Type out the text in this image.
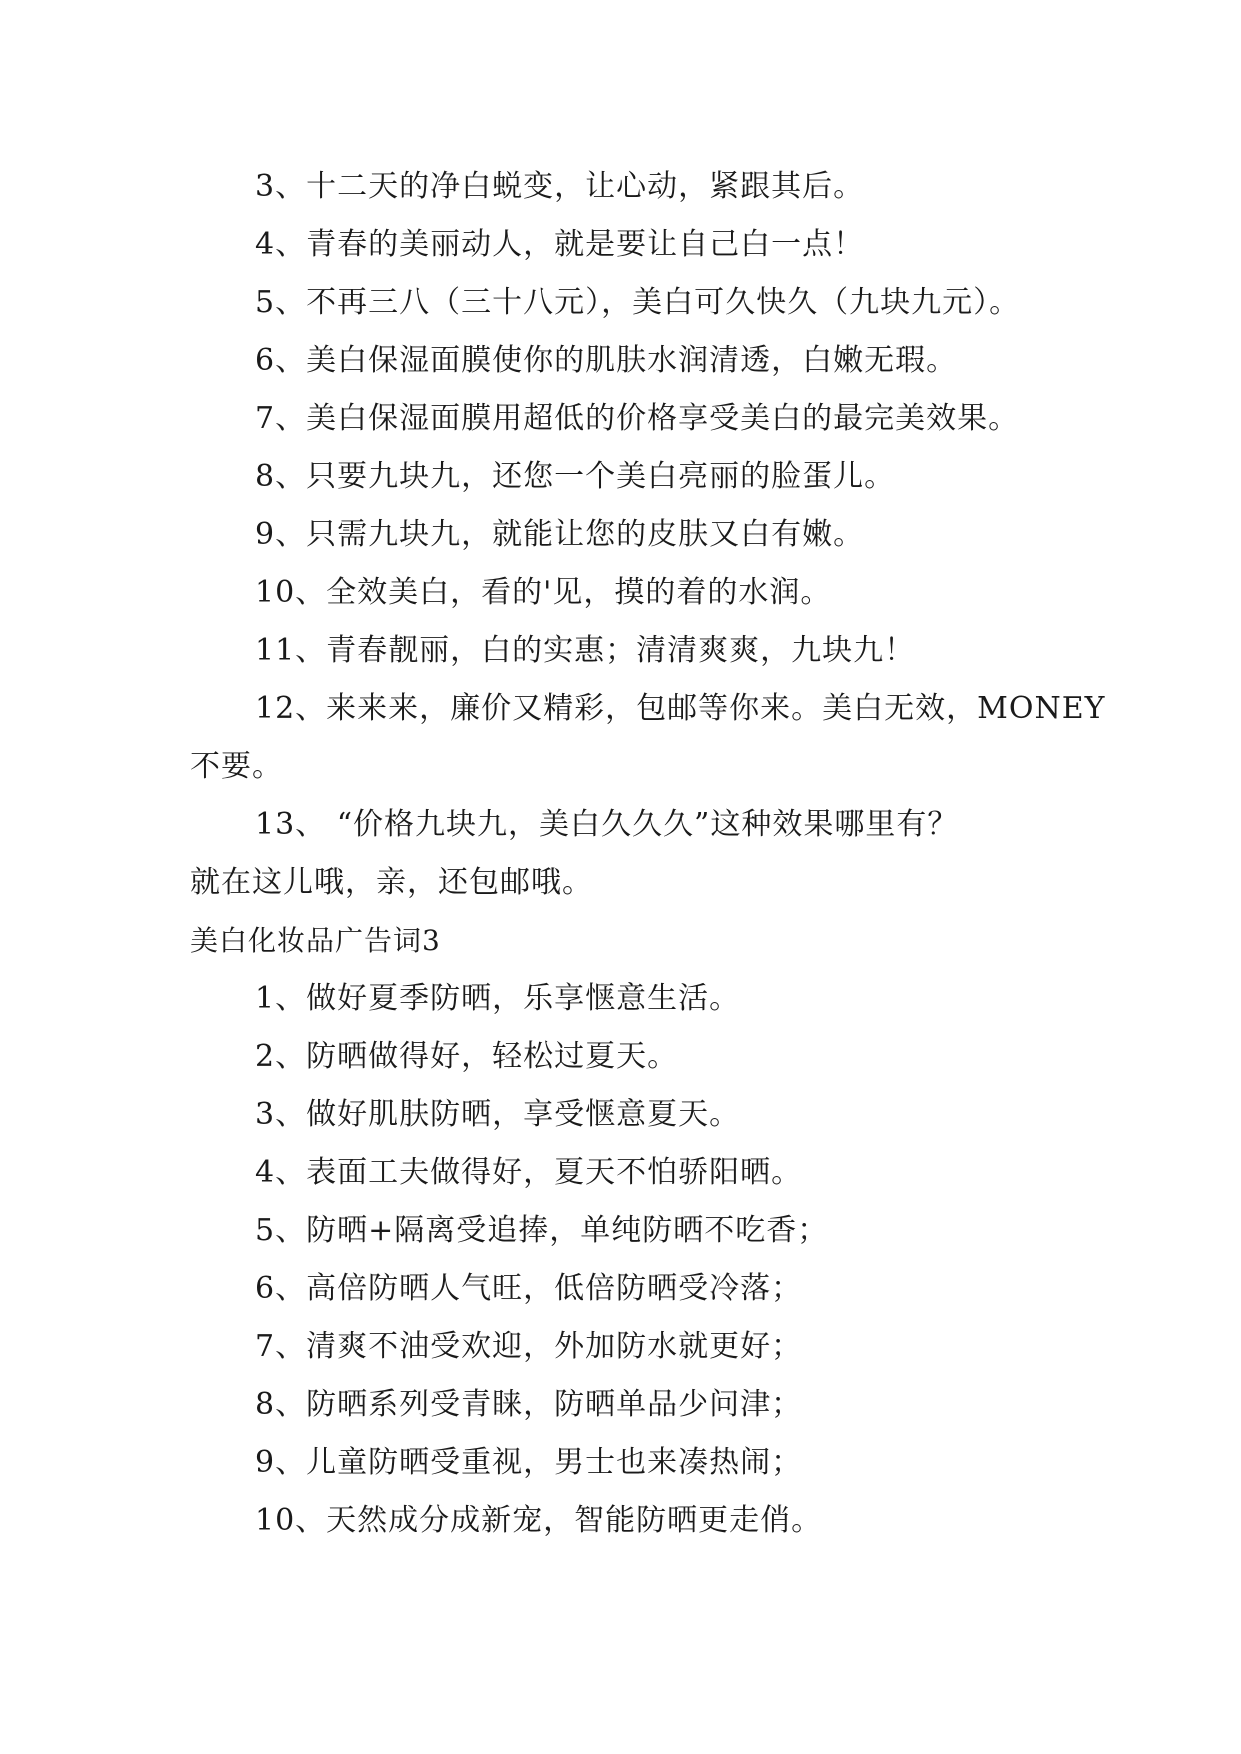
3、十二天的净白蜕变，让心动，紧跟其后。
4、青春的美丽动人，就是要让自己白一点！
5、不再三八（三十八元），美白可久快久（九块九元）。
6、美白保湿面膜使你的肌肤水润清透，白嫩无瑕。
7、美白保湿面膜用超低的价格享受美白的最完美效果。
8、只要九块九，还您一个美白亮丽的脸蛋儿。
9、只需九块九，就能让您的皮肤又白有嫩。
10、全效美白，看的'见，摸的着的水润。
11、青春靓丽，白的实惠；清清爽爽，九块九！
12、来来来，廉价又精彩，包邮等你来。美白无效，MONEY
不要。
13、 “价格九块九，美白久久久”这种效果哪里有？
就在这儿哦，亲，还包邮哦。
美白化妆品广告词3
1、做好夏季防晒，乐享惬意生活。
2、防晒做得好，轻松过夏天。
3、做好肌肤防晒，享受惬意夏天。
4、表面工夫做得好，夏天不怕骄阳晒。
5、防晒+隔离受追捧，单纯防晒不吃香；
6、高倍防晒人气旺，低倍防晒受冷落；
7、清爽不油受欢迎，外加防水就更好；
8、防晒系列受青睐，防晒单品少问津；
9、儿童防晒受重视，男士也来凑热闹；
10、天然成分成新宠，智能防晒更走俏。
